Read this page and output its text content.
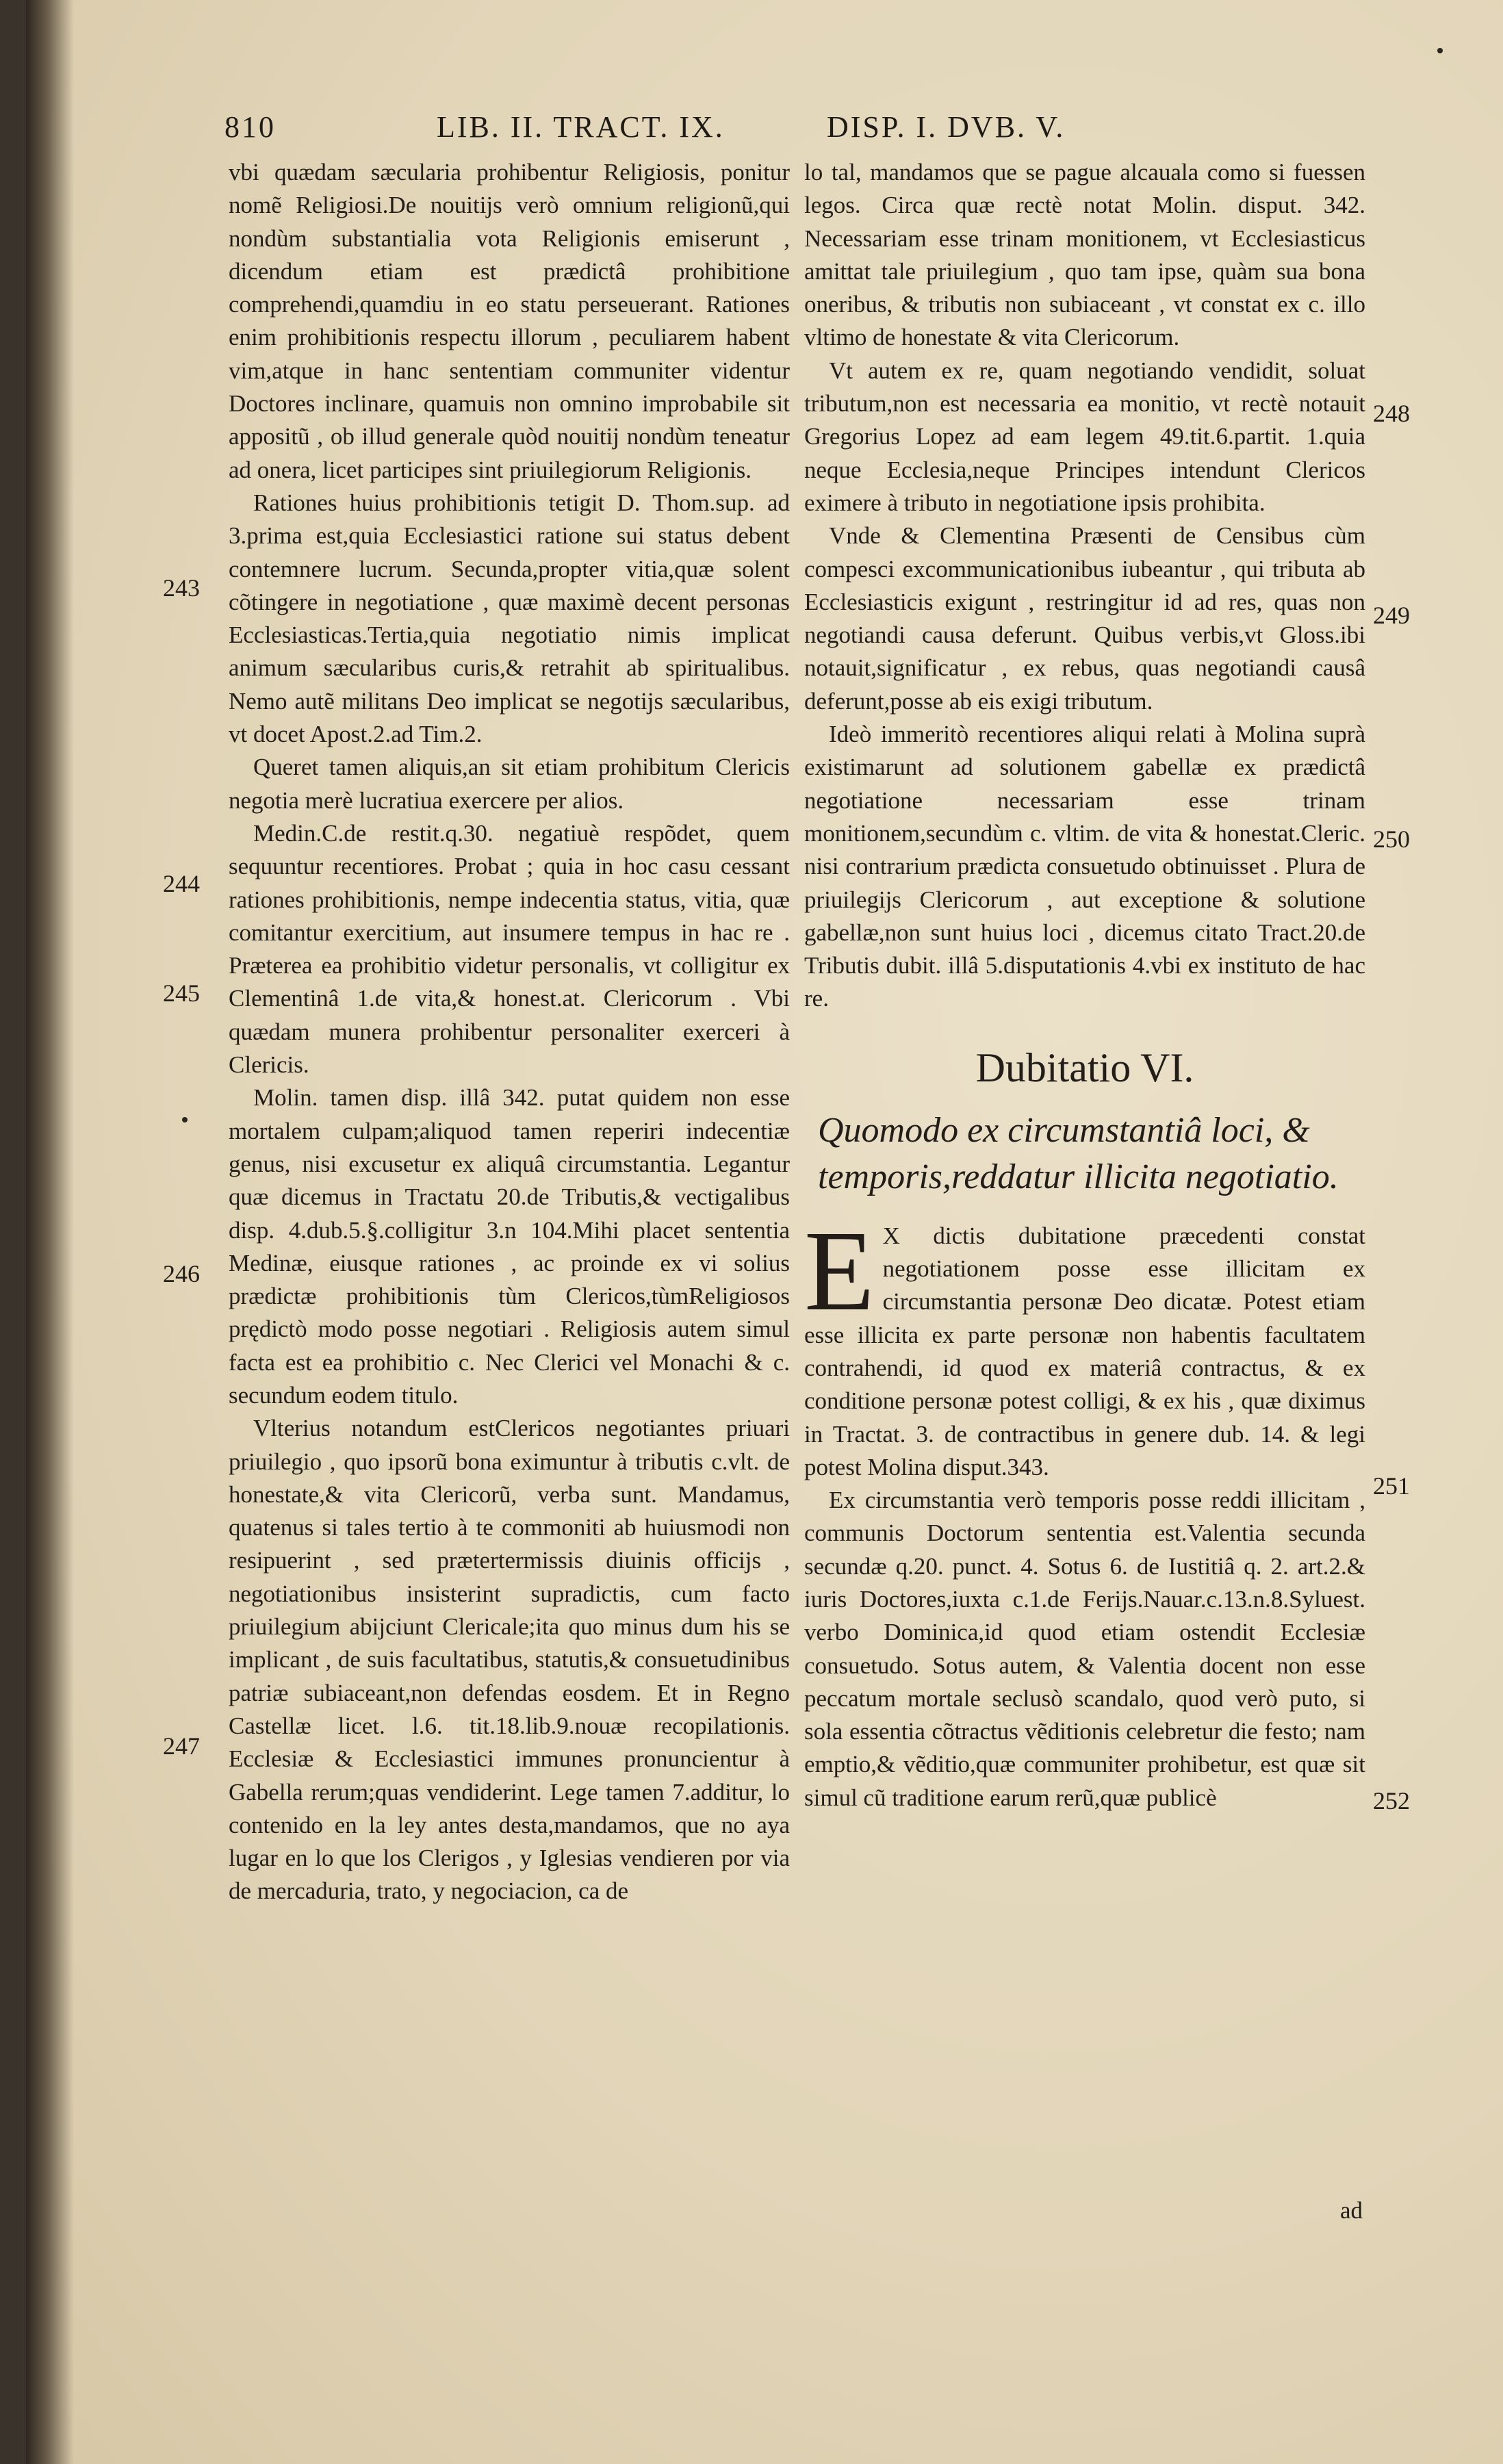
810	LIB. II. TRACT. IX.	DISP. I. DVB. V.

vbi quædam sæcularia prohibentur Religiosis, ponitur nomẽ Religiosi.De nouitijs verò omnium religionũ,qui nondùm substantialia vota Religionis emiserunt , dicendum etiam est prædictâ prohibitione comprehendi,quamdiu in eo statu perseuerant. Rationes enim prohibitionis respectu illorum , peculiarem habent vim,atque in hanc sententiam communiter videntur Doctores inclinare, quamuis non omnino improbabile sit appositũ , ob illud generale quòd nouitij nondùm teneatur ad onera, licet participes sint priuilegiorum Religionis.

Rationes huius prohibitionis tetigit D. Thom.sup. ad 3.prima est,quia Ecclesiastici ratione sui status debent contemnere lucrum. Secunda,propter vitia,quæ solent cõtingere in negotiatione , quæ maximè decent personas Ecclesiasticas.Tertia,quia negotiatio nimis implicat animum sæcularibus curis,& retrahit ab spiritualibus. Nemo autẽ militans Deo implicat se negotijs sæcularibus, vt docet Apost.2.ad Tim.2.

Queret tamen aliquis,an sit etiam prohibitum Clericis negotia merè lucratiua exercere per alios.

Medin.C.de restit.q.30. negatiuè respõdet, quem sequuntur recentiores. Probat ; quia in hoc casu cessant rationes prohibitionis, nempe indecentia status, vitia, quæ comitantur exercitium, aut insumere tempus in hac re . Præterea ea prohibitio videtur personalis, vt colligitur ex Clementinâ 1.de vita,& honest.at. Clericorum . Vbi quædam munera prohibentur personaliter exerceri à Clericis.

Molin. tamen disp. illâ 342. putat quidem non esse mortalem culpam;aliquod tamen reperiri indecentiæ genus, nisi excusetur ex aliquâ circumstantia. Legantur quæ dicemus in Tractatu 20.de Tributis,& vectigalibus disp. 4.dub.5.§.colligitur 3.n 104.Mihi placet sententia Medinæ, eiusque rationes , ac proinde ex vi solius prædictæ prohibitionis tùm Clericos,tùmReligiosos prędictò modo posse negotiari . Religiosis autem simul facta est ea prohibitio c. Nec Clerici vel Monachi & c. secundum eodem titulo.

Vlterius notandum estClericos negotiantes priuari priuilegio , quo ipsorũ bona eximuntur à tributis c.vlt. de honestate,& vita Clericorũ, verba sunt. Mandamus, quatenus si tales tertio à te commoniti ab huiusmodi non resipuerint , sed prætertermissis diuinis officijs , negotiationibus insisterint supradictis, cum facto priuilegium abijciunt Clericale;ita quo minus dum his se implicant , de suis facultatibus, statutis,& consuetudinibus patriæ subiaceant,non defendas eosdem. Et in Regno Castellæ licet. l.6. tit.18.lib.9.nouæ recopilationis. Ecclesiæ & Ecclesiastici immunes pronuncientur à Gabella rerum;quas vendiderint. Lege tamen 7.additur, lo contenido en la ley antes desta,mandamos, que no aya lugar en lo que los Clerigos , y Iglesias vendieren por via de mercaduria, trato, y negociacion, ca de

243
244
245
246
247

lo tal, mandamos que se pague alcauala como si fuessen legos. Circa quæ rectè notat Molin. disput. 342. Necessariam esse trinam monitionem, vt Ecclesiasticus amittat tale priuilegium , quo tam ipse, quàm sua bona oneribus, & tributis non subiaceant , vt constat ex c. illo vltimo de honestate & vita Clericorum.

Vt autem ex re, quam negotiando vendidit, soluat tributum,non est necessaria ea monitio, vt rectè notauit Gregorius Lopez ad eam legem 49.tit.6.partit. 1.quia neque Ecclesia,neque Principes intendunt Clericos eximere à tributo in negotiatione ipsis prohibita.

Vnde & Clementina Præsenti de Censibus cùm compesci excommunicationibus iubeantur , qui tributa ab Ecclesiasticis exigunt , restringitur id ad res, quas non negotiandi causa deferunt. Quibus verbis,vt Gloss.ibi notauit,significatur , ex rebus, quas negotiandi causâ deferunt,posse ab eis exigi tributum.

Ideò immeritò recentiores aliqui relati à Molina suprà existimarunt ad solutionem gabellæ ex prædictâ negotiatione necessariam esse trinam monitionem,secundùm c. vltim. de vita & honestat.Cleric. nisi contrarium prædicta consuetudo obtinuisset . Plura de priuilegijs Clericorum , aut exceptione & solutione gabellæ,non sunt huius loci , dicemus citato Tract.20.de Tributis dubit. illâ 5.disputationis 4.vbi ex instituto de hac re.

Dubitatio VI.
Quomodo ex circumstantiâ loci, & temporis,reddatur illicita negotiatio.

E X dictis dubitatione præcedenti constat negotiationem posse esse illicitam ex circumstantia personæ Deo dicatæ. Potest etiam esse illicita ex parte personæ non habentis facultatem contrahendi, id quod ex materiâ contractus, & ex conditione personæ potest colligi, & ex his , quæ diximus in Tractat. 3. de contractibus in genere dub. 14. & legi potest Molina disput.343.

Ex circumstantia verò temporis posse reddi illicitam , communis Doctorum sententia est.Valentia secunda secundæ q.20. punct. 4. Sotus 6. de Iustitiâ q. 2. art.2.& iuris Doctores,iuxta c.1.de Ferijs.Nauar.c.13.n.8.Syluest. verbo Dominica,id quod etiam ostendit Ecclesiæ consuetudo. Sotus autem, & Valentia docent non esse peccatum mortale seclusò scandalo, quod verò puto, si sola essentia cõtractus vẽditionis celebretur die festo; nam emptio,& vẽditio,quæ communiter prohibetur, est quæ sit simul cũ traditione earum rerũ,quæ publicè

248
249
250
251
252
ad
